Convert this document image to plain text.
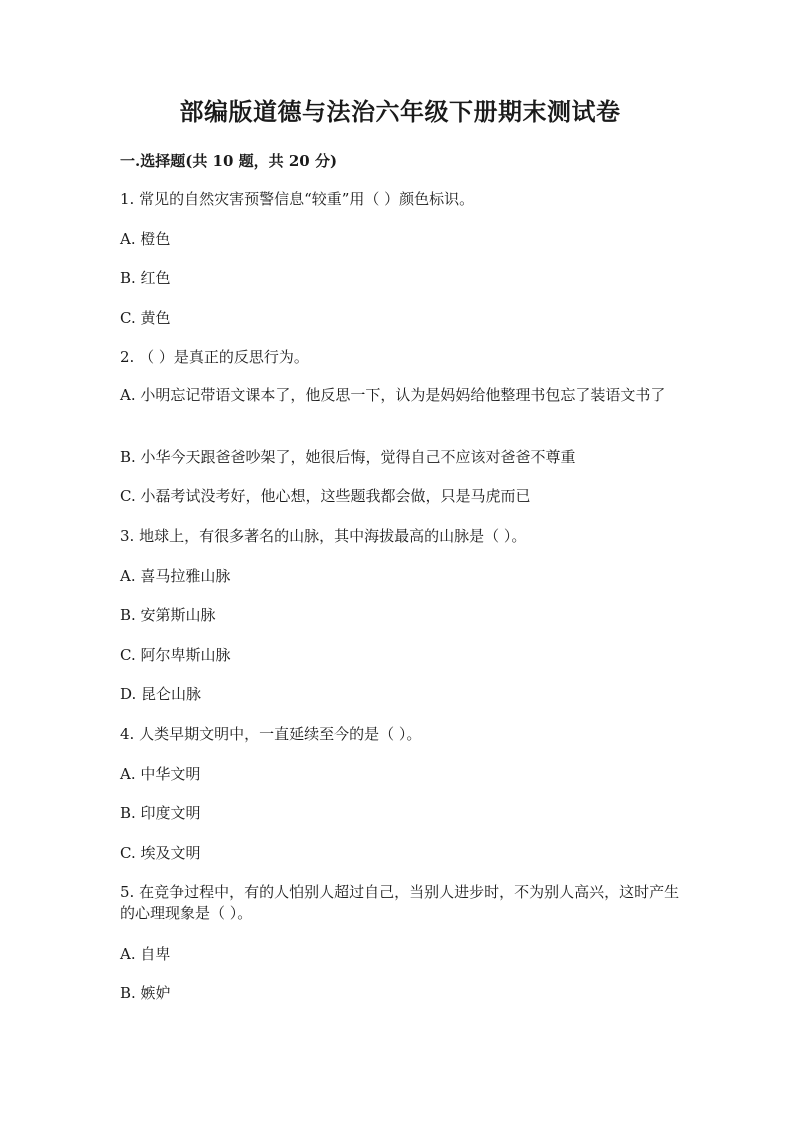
部编版道德与法治六年级下册期末测试卷
一.选择题(共 10 题，共 20 分)
1. 常见的自然灾害预警信息“较重”用（ ）颜色标识。
A. 橙色
B. 红色
C. 黄色
2. （ ）是真正的反思行为。
A. 小明忘记带语文课本了，他反思一下，认为是妈妈给他整理书包忘了装语文书了
B. 小华今天跟爸爸吵架了，她很后悔，觉得自己不应该对爸爸不尊重
C. 小磊考试没考好，他心想，这些题我都会做，只是马虎而已
3. 地球上，有很多著名的山脉，其中海拔最高的山脉是（ ）。
A. 喜马拉雅山脉
B. 安第斯山脉
C. 阿尔卑斯山脉
D. 昆仑山脉
4. 人类早期文明中，一直延续至今的是（ ）。
A. 中华文明
B. 印度文明
C. 埃及文明
5. 在竞争过程中，有的人怕别人超过自己，当别人进步时，不为别人高兴，这时产生的心理现象是（ ）。
A. 自卑
B. 嫉妒
